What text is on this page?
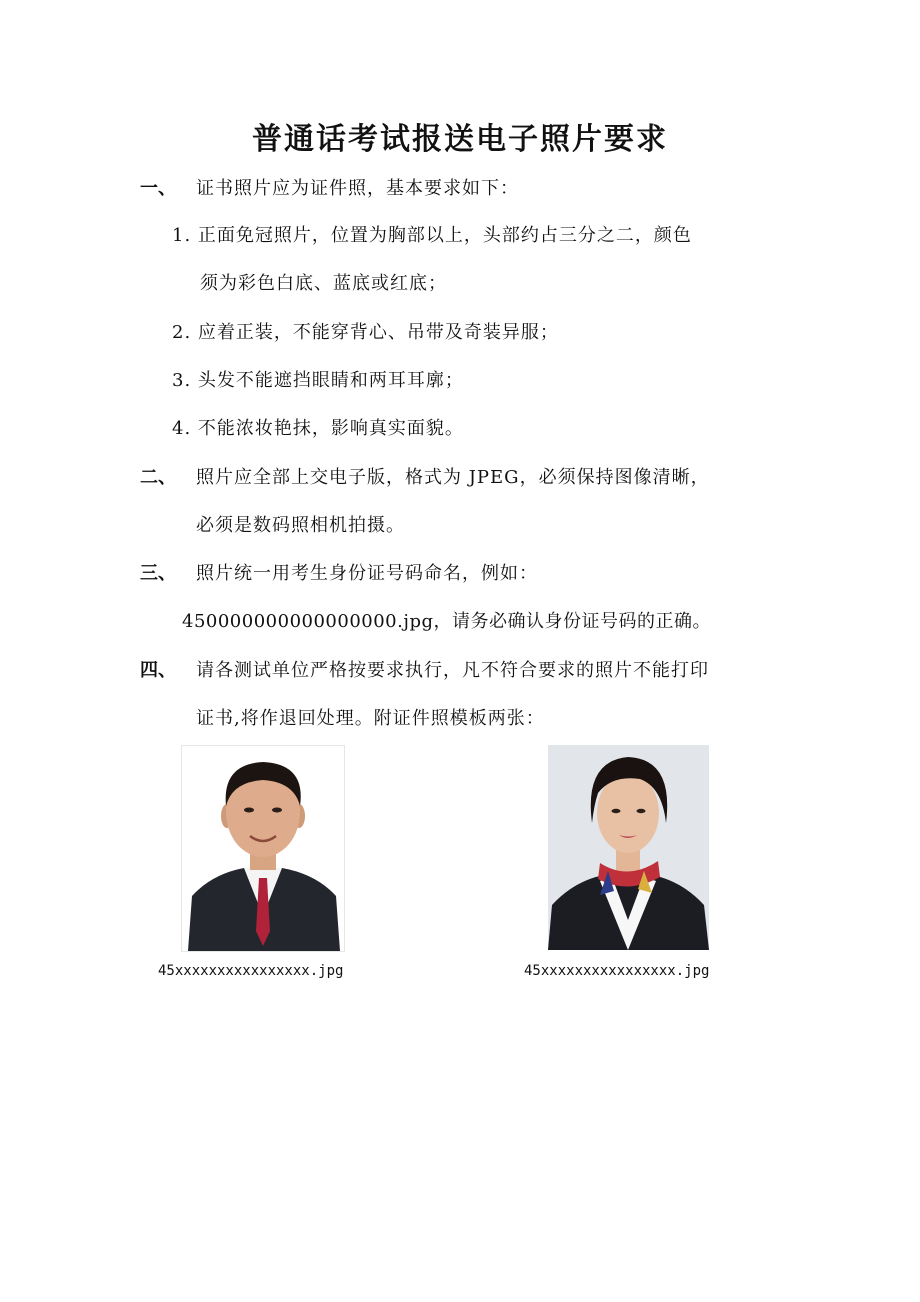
普通话考试报送电子照片要求
一、 证书照片应为证件照，基本要求如下：
1. 正面免冠照片，位置为胸部以上，头部约占三分之二，颜色
须为彩色白底、蓝底或红底；
2. 应着正装，不能穿背心、吊带及奇装异服；
3. 头发不能遮挡眼睛和两耳耳廓；
4. 不能浓妆艳抹，影响真实面貌。
二、 照片应全部上交电子版，格式为 JPEG，必须保持图像清晰，
必须是数码照相机拍摄。
三、 照片统一用考生身份证号码命名，例如：
450000000000000000.jpg，请务必确认身份证号码的正确。
四、 请各测试单位严格按要求执行，凡不符合要求的照片不能打印
证书,将作退回处理。附证件照模板两张：
45xxxxxxxxxxxxxxxx.jpg	45xxxxxxxxxxxxxxxx.jpg
